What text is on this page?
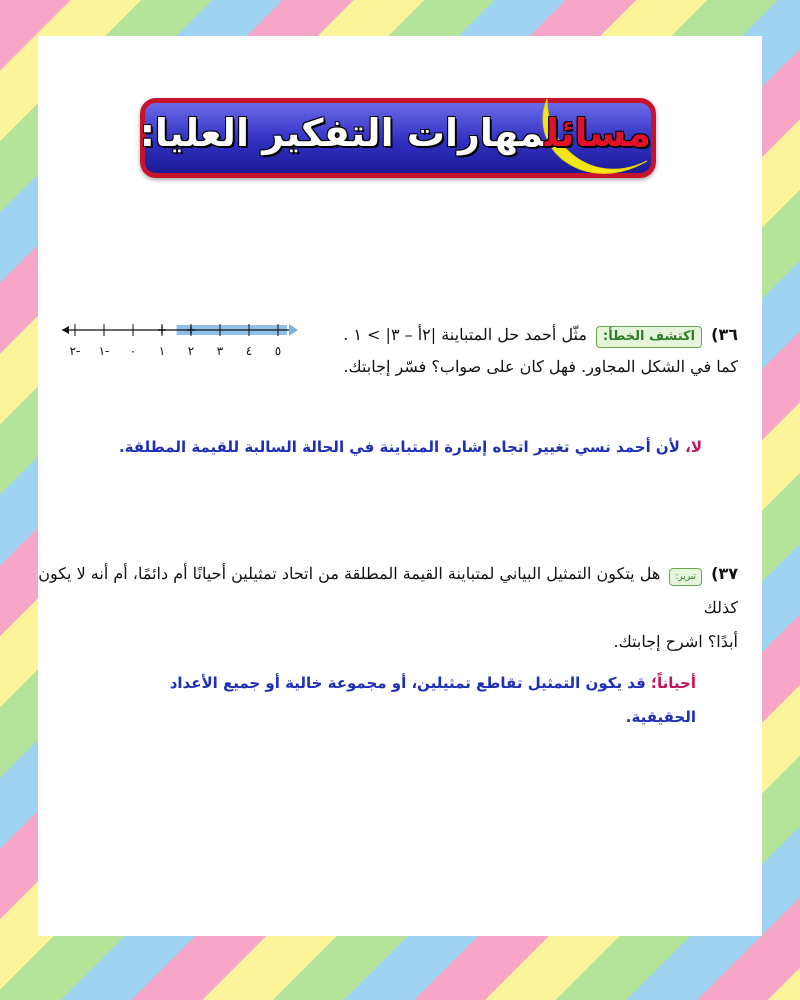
مسائلمهارات التفكير العليا:
٢- ١- ٠ ١ ٢ ٣ ٤ ٥
٣٦) اكتشف الخطأ: مثّل أحمد حل المتباينة |٢أ – ٣| > ١ .
كما في الشكل المجاور. فهل كان على صواب؟ فسّر إجابتك.
لا، لأن أحمد نسي تغيير اتجاه إشارة المتباينة في الحالة السالبة للقيمة المطلقة.
٣٧) تبرير: هل يتكون التمثيل البياني لمتباينة القيمة المطلقة من اتحاد تمثيلين أحيانًا أم دائمًا، أم أنه لا يكون كذلك
أبدًا؟ اشرح إجابتك.
أحياناً؛ قد يكون التمثيل تقاطع تمثيلين، أو مجموعة خالية أو جميع الأعداد الحقيقية.
